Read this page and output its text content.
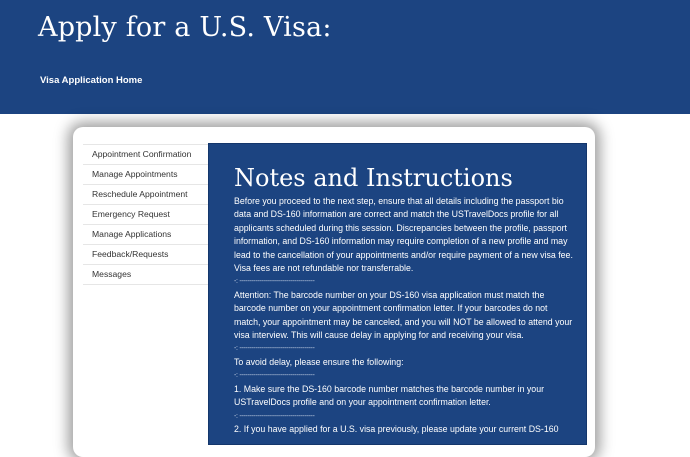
Apply for a U.S. Visa:
Visa Application Home
Appointment Confirmation
Manage Appointments
Reschedule Appointment
Emergency Request
Manage Applications
Feedback/Requests
Messages
Notes and Instructions

Before you proceed to the next step, ensure that all details including the passport bio data and DS-160 information are correct and match the USTravelDocs profile for all applicants scheduled during this session. Discrepancies between the profile, passport information, and DS-160 information may require completion of a new profile and may lead to the cancellation of your appointments and/or require payment of a new visa fee. Visa fees are not refundable nor transferrable.

-: -------------------------------------

Attention: The barcode number on your DS-160 visa application must match the barcode number on your appointment confirmation letter. If your barcodes do not match, your appointment may be canceled, and you will NOT be allowed to attend your visa interview. This will cause delay in applying for and receiving your visa.

-: -------------------------------------

To avoid delay, please ensure the following:

-: -------------------------------------

1. Make sure the DS-160 barcode number matches the barcode number in your USTravelDocs profile and on your appointment confirmation letter.

-: -------------------------------------

2. If you have applied for a U.S. visa previously, please update your current DS-160
